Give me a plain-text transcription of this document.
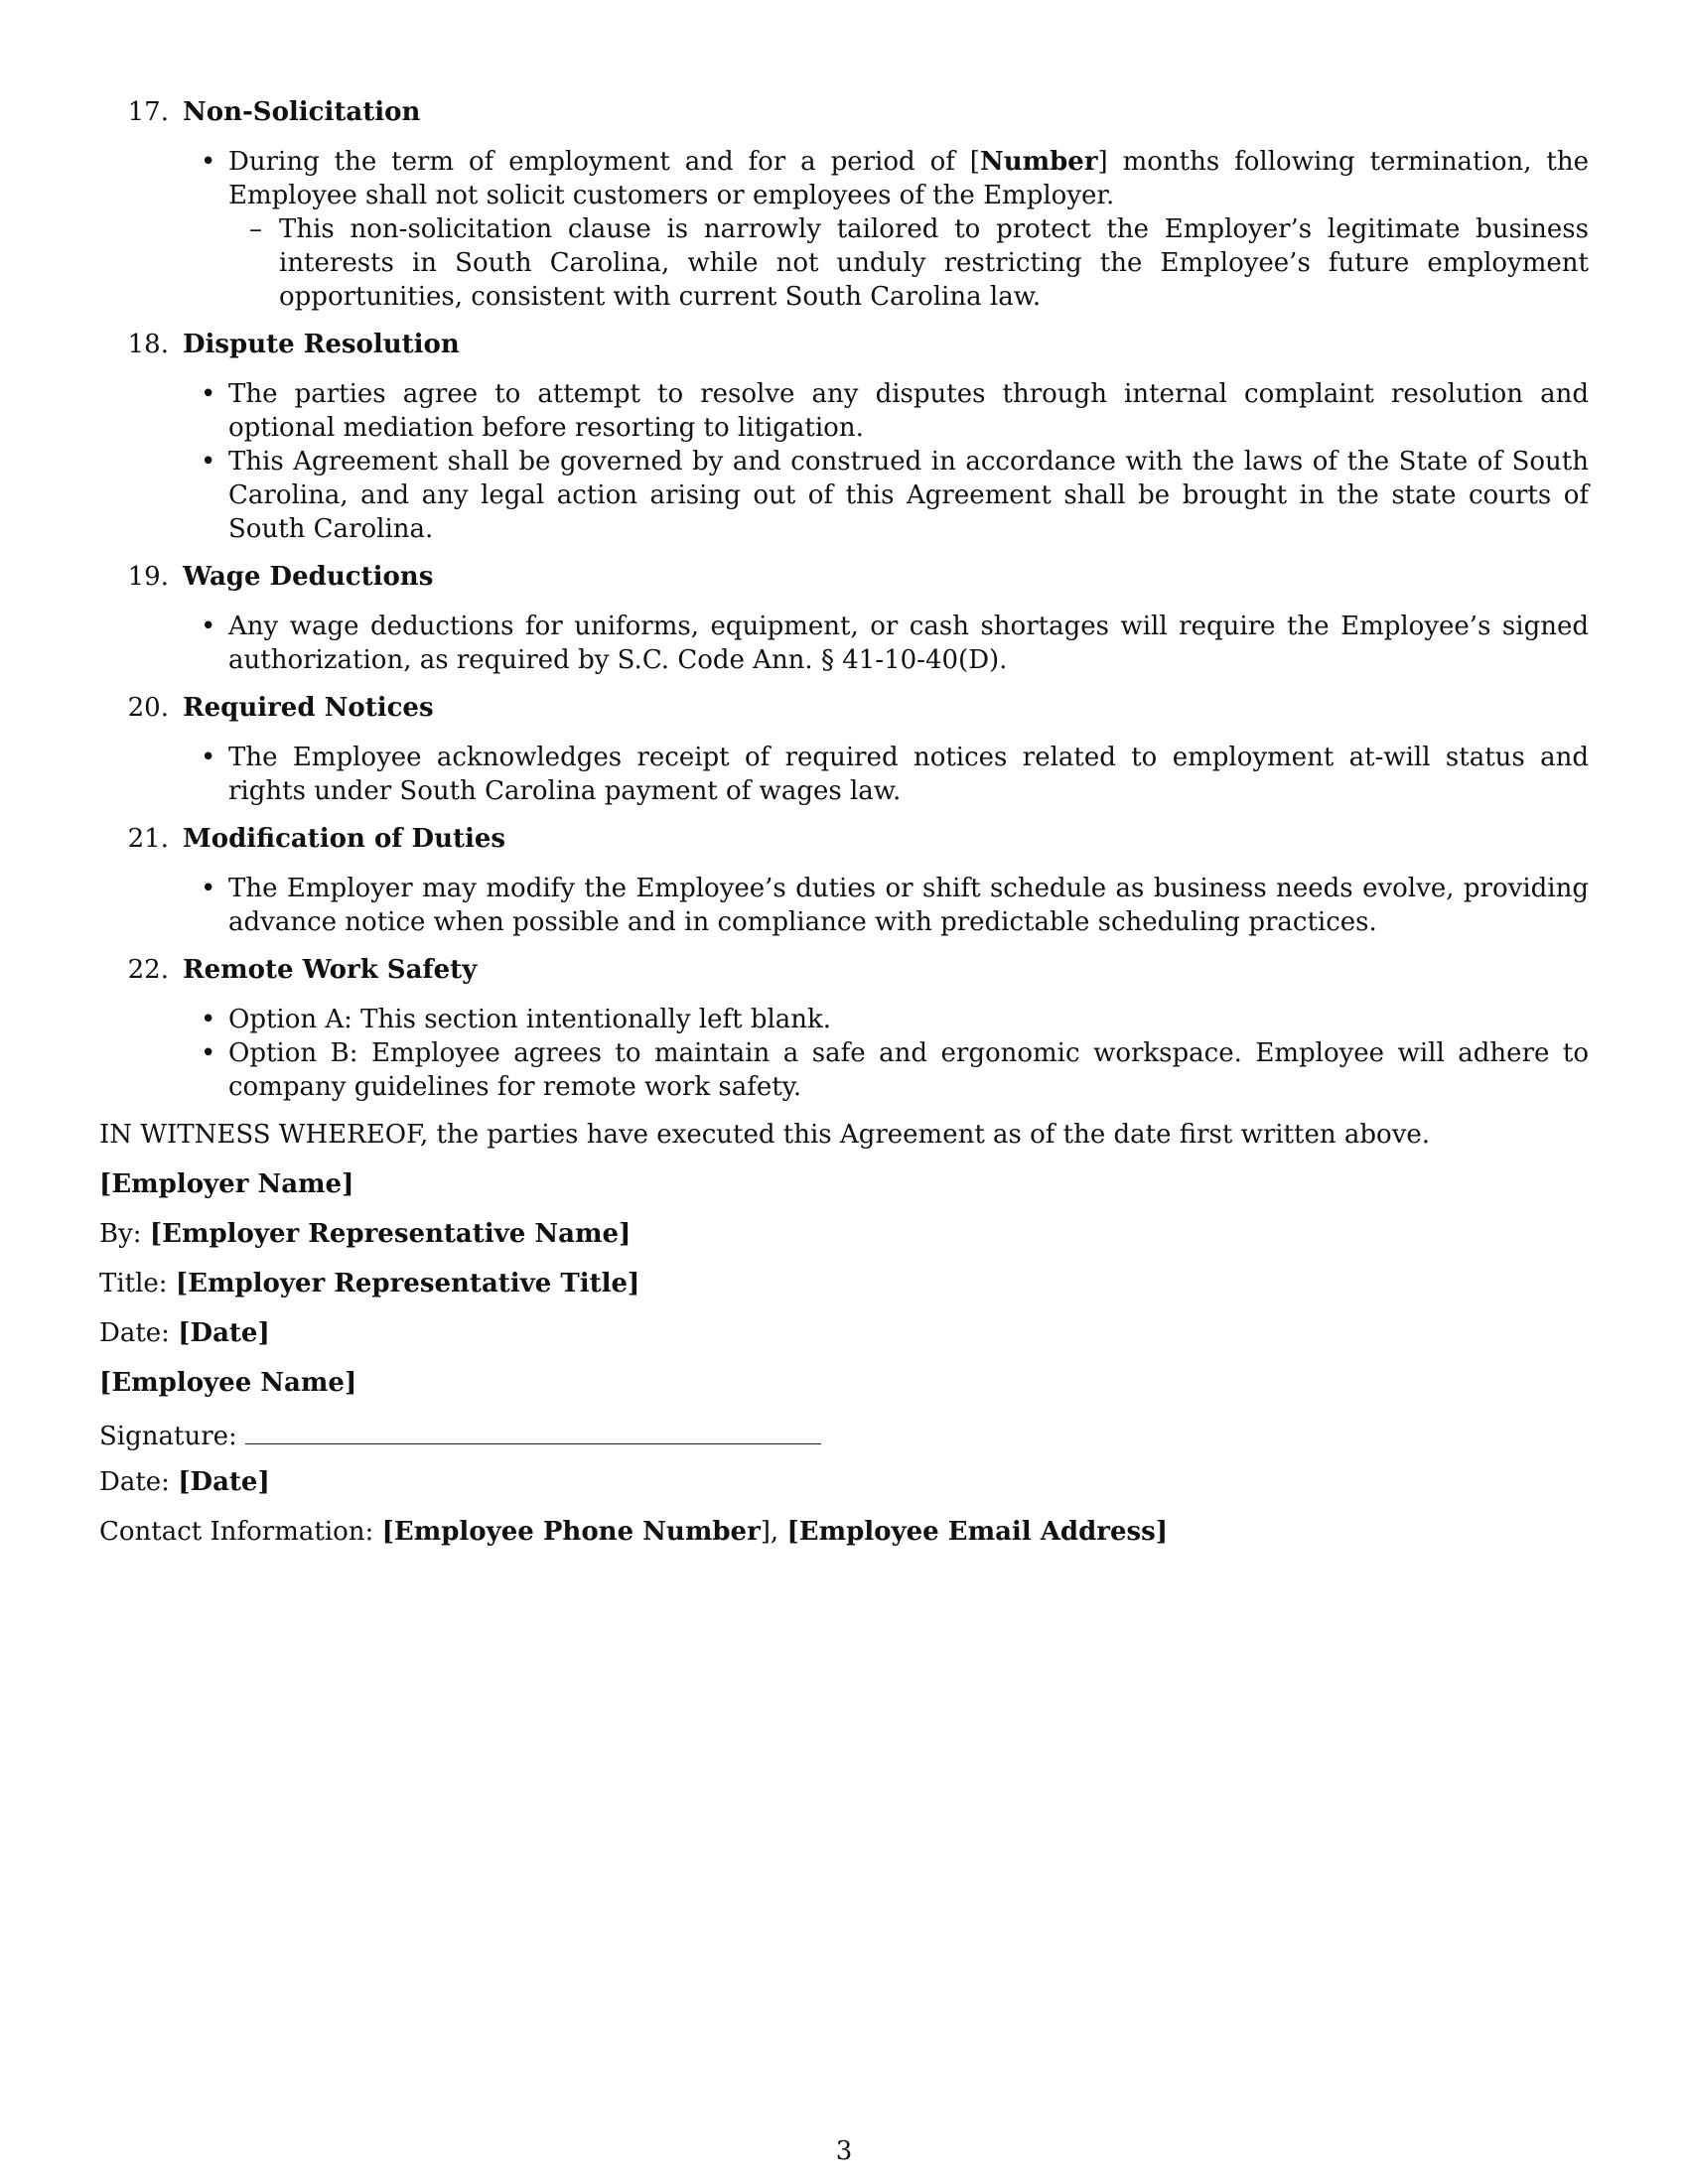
17. Non-Solicitation
• During the term of employment and for a period of [Number] months following termination, the Employee shall not solicit customers or employees of the Employer.
– This non-solicitation clause is narrowly tailored to protect the Employer’s legitimate business interests in South Carolina, while not unduly restricting the Employee’s future employment opportunities, consistent with current South Carolina law.
18. Dispute Resolution
• The parties agree to attempt to resolve any disputes through internal complaint resolution and optional mediation before resorting to litigation.
• This Agreement shall be governed by and construed in accordance with the laws of the State of South Carolina, and any legal action arising out of this Agreement shall be brought in the state courts of South Carolina.
19. Wage Deductions
• Any wage deductions for uniforms, equipment, or cash shortages will require the Employee’s signed authorization, as required by S.C. Code Ann. § 41-10-40(D).
20. Required Notices
• The Employee acknowledges receipt of required notices related to employment at-will status and rights under South Carolina payment of wages law.
21. Modification of Duties
• The Employer may modify the Employee’s duties or shift schedule as business needs evolve, providing advance notice when possible and in compliance with predictable scheduling practices.
22. Remote Work Safety
• Option A: This section intentionally left blank.
• Option B: Employee agrees to maintain a safe and ergonomic workspace. Employee will adhere to company guidelines for remote work safety.

IN WITNESS WHEREOF, the parties have executed this Agreement as of the date first written above.

[Employer Name]

By: [Employer Representative Name]

Title: [Employer Representative Title]

Date: [Date]

[Employee Name]

Signature:

Date: [Date]

Contact Information: [Employee Phone Number], [Employee Email Address]

3
